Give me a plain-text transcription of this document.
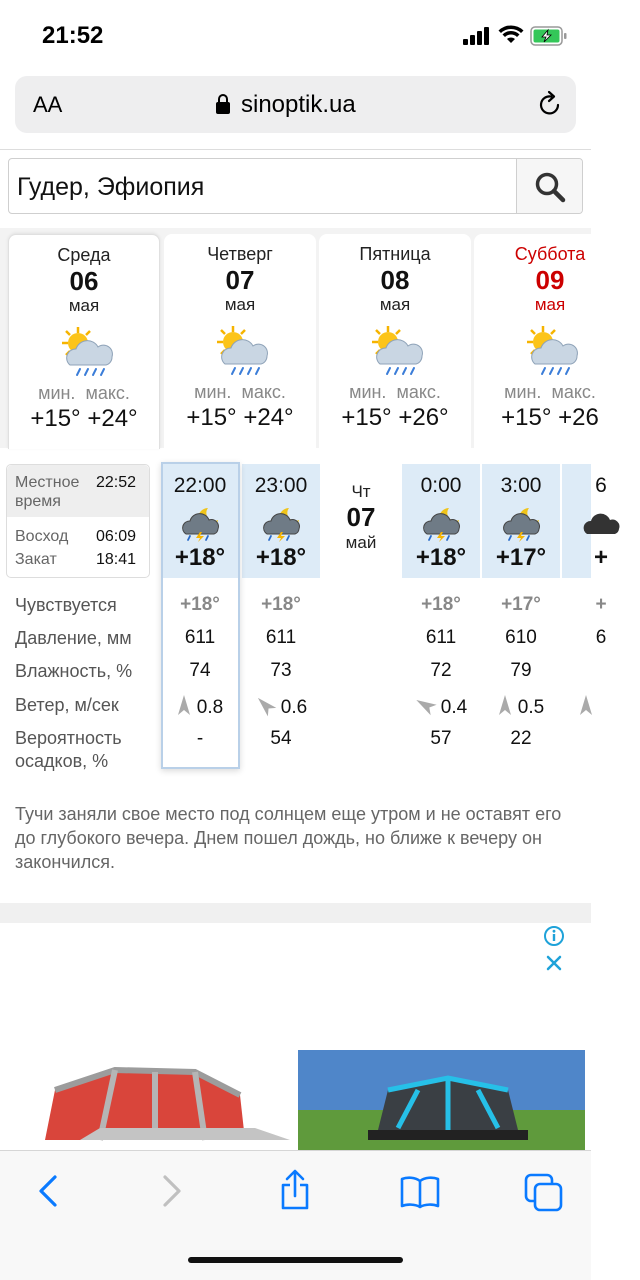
21:52
AA	sinoptik.ua
Гудер, Эфиопия
Среда
06
мая
мин. макс.
+15° +24°
Четверг
07
мая
мин. макс.
+15° +24°
Пятница
08
мая
мин. макс.
+15° +26°
Суббота
09
мая
мин. макс.
+15° +26
Местное время
22:52
Восход 06:09
Закат 18:41
22:00
+18°
23:00
+18°
Чт
07
май
0:00
+18°
3:00
+17°
6
+
Чувствуется
Давление, мм
Влажность, %
Ветер, м/сек
Вероятность осадков, %
+18°
611
74
0.8
-
+18°
611
73
0.6
54
+18°
611
72
0.4
57
+17°
610
79
0.5
22
+
6
Тучи заняли свое место под солнцем еще утром и не оставят его до глубокого вечера. Днем пошел дождь, но ближе к вечеру он закончился.
